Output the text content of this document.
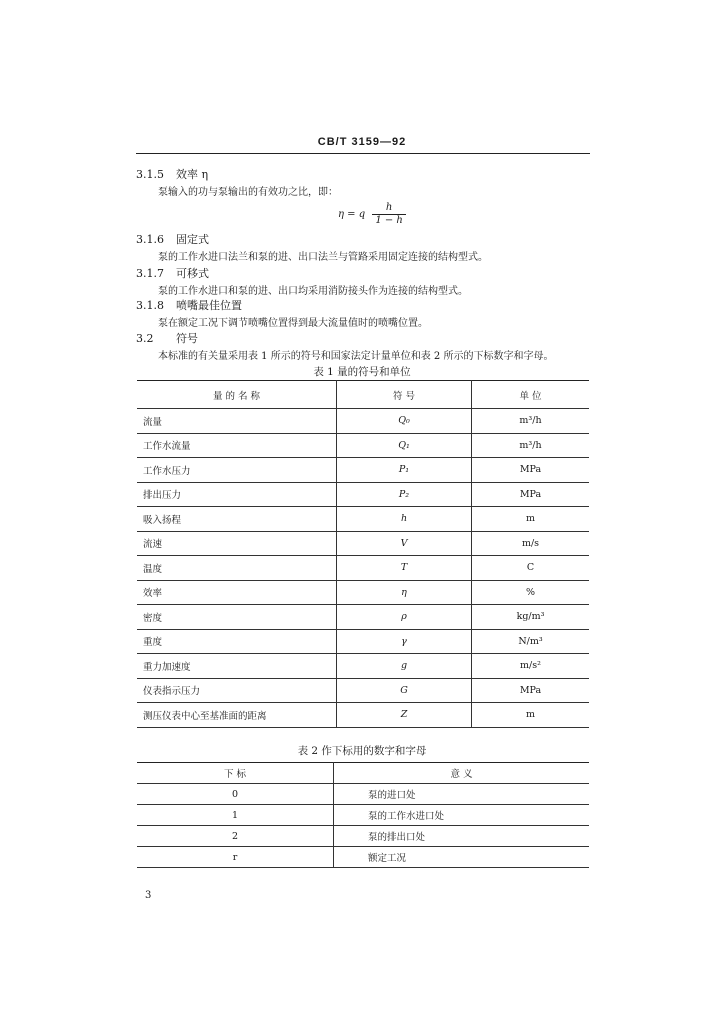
CB/T 3159—92
3.1.5 效率 η
泵输入的功与泵输出的有效功之比，即：
η = q $\frac{h}{1 - h}$
3.1.6 固定式
泵的工作水进口法兰和泵的进、出口法兰与管路采用固定连接的结构型式。
3.1.7 可移式
泵的工作水进口和泵的进、出口均采用消防接头作为连接的结构型式。
3.1.8 喷嘴最佳位置
泵在额定工况下调节喷嘴位置得到最大流量值时的喷嘴位置。
3.2 符号
本标准的有关量采用表 1 所示的符号和国家法定计量单位和表 2 所示的下标数字和字母。
表 1 量的符号和单位
量 的 名 称	符 号	单 位
流量	Q₀	m³/h
工作水流量	Q₁	m³/h
工作水压力	P₁	MPa
排出压力	P₂	MPa
吸入扬程	h	m
流速	V	m/s
温度	T	C
效率	η	%
密度	ρ	kg/m³
重度	γ	N/m³
重力加速度	g	m/s²
仪表指示压力	G	MPa
测压仪表中心至基准面的距离	Z	m
表 2 作下标用的数字和字母
下 标	意 义
0	泵的进口处
1	泵的工作水进口处
2	泵的排出口处
r	额定工况
3
